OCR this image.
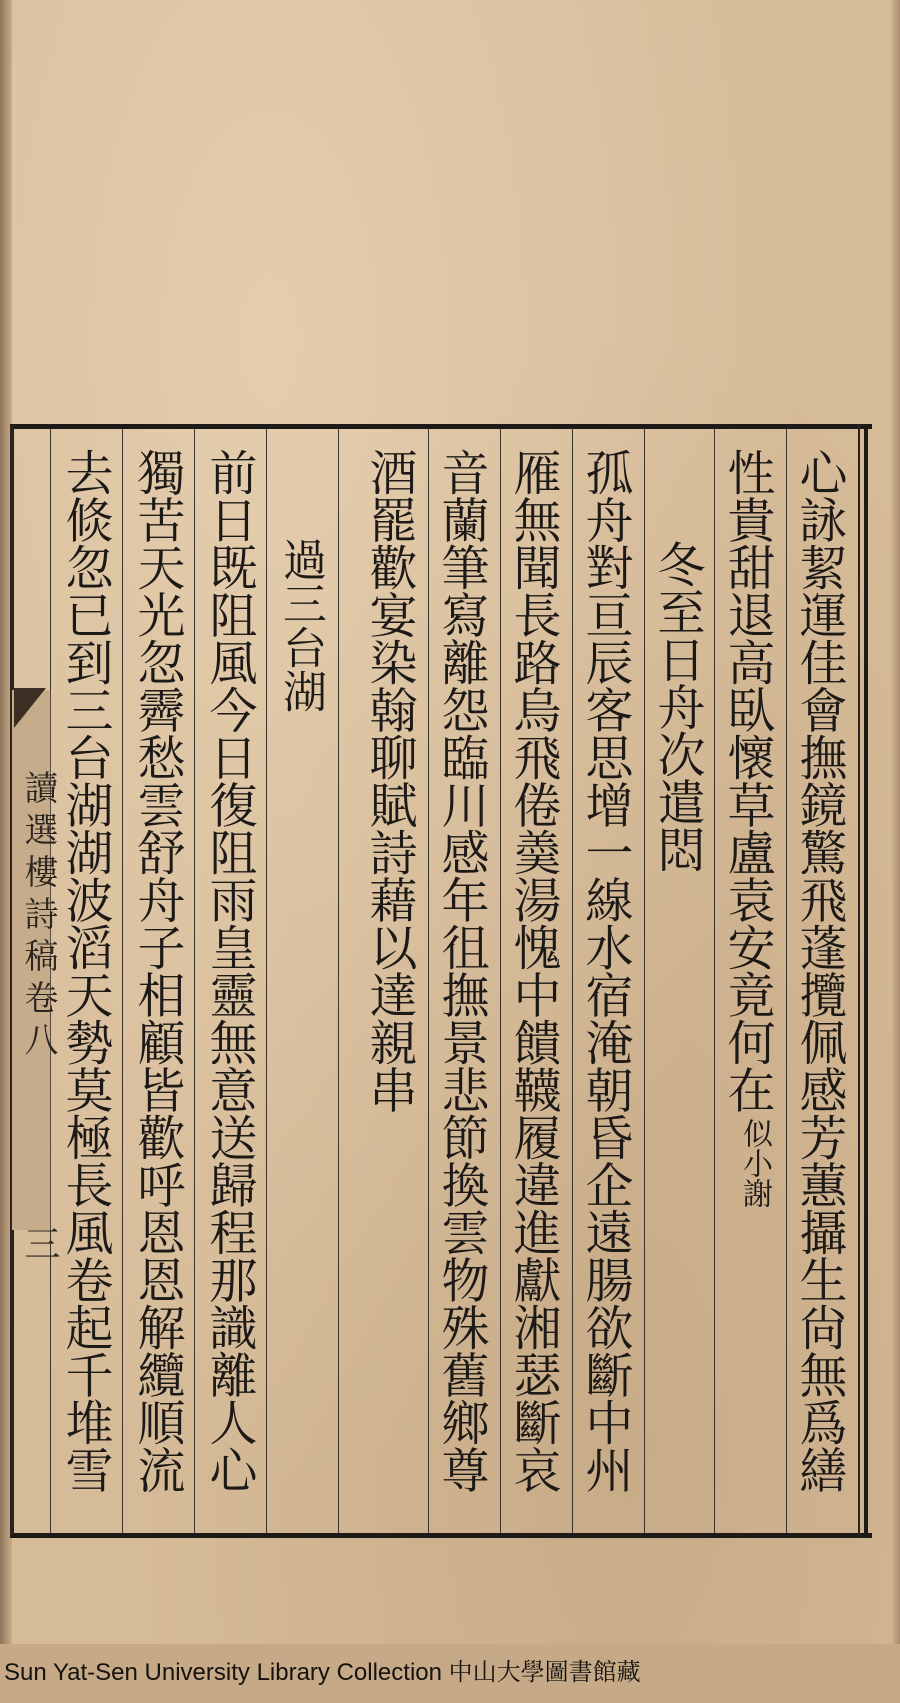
心詠絜運佳會撫鏡驚飛蓬攬佩感芳蕙攝生尙無爲繕
性貴甜退高臥懷草盧袁安竟何在
似小謝
冬至日舟次遣悶
孤舟對亘辰客思增一線水宿淹朝昏企遠腸欲斷中州
雁無聞長路烏飛倦羮湯愧中饋韈履違進獻湘瑟斷哀
音蘭筆寫離怨臨川感年徂撫景悲節換雲物殊舊鄉尊
酒罷歡宴染翰聊賦詩藉以達親串
過三台湖
前日既阻風今日復阻雨皇靈無意送歸程那識離人心
獨苦天光忽霽愁雲舒舟子相顧皆歡呼恩恩解纜順流
去倐忽已到三台湖湖波滔天勢莫極長風卷起千堆雪
讀選樓詩稿卷八
三
Sun Yat-Sen University Library Collection 中山大學圖書館藏
